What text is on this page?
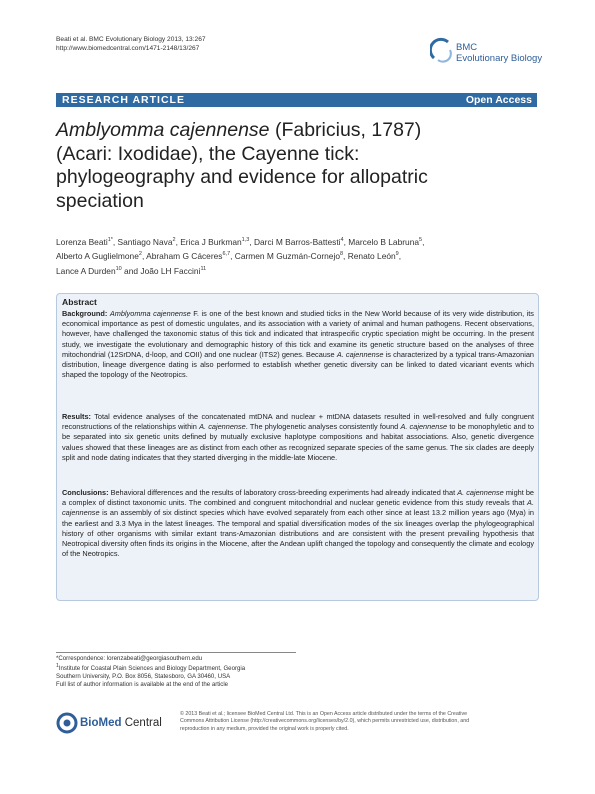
Beati et al. BMC Evolutionary Biology 2013, 13:267
http://www.biomedcentral.com/1471-2148/13/267	BMC
Evolutionary Biology
RESEARCH ARTICLE	Open Access
Amblyomma cajennense (Fabricius, 1787)
(Acari: Ixodidae), the Cayenne tick:
phylogeography and evidence for allopatric
speciation
Lorenza Beati$^{1*}$, Santiago Nava$^2$, Erica J Burkman$^{1,3}$, Darci M Barros-Battesti$^4$, Marcelo B Labruna$^5$,
Alberto A Guglielmone$^2$, Abraham G Cáceres$^{6,7}$, Carmen M Guzmán-Cornejo$^8$, Renato León$^9$,
Lance A Durden$^{10}$ and João LH Faccini$^{11}$
Abstract

Background: Amblyomma cajennense F. is one of the best known and studied ticks in the New World because of its very wide distribution, its economical importance as pest of domestic ungulates, and its association with a variety of animal and human pathogens. Recent observations, however, have challenged the taxonomic status of this tick and indicated that intraspecific cryptic speciation might be occurring. In the present study, we investigate the evolutionary and demographic history of this tick and examine its genetic structure based on the analyses of three mitochondrial (12SrDNA, d-loop, and COII) and one nuclear (ITS2) genes. Because A. cajennense is characterized by a typical trans-Amazonian distribution, lineage divergence dating is also performed to establish whether genetic diversity can be linked to dated vicariant events which shaped the topology of the Neotropics.

Results: Total evidence analyses of the concatenated mtDNA and nuclear + mtDNA datasets resulted in well-resolved and fully congruent reconstructions of the relationships within A. cajennense. The phylogenetic analyses consistently found A. cajennense to be monophyletic and to be separated into six genetic units defined by mutually exclusive haplotype compositions and habitat associations. Also, genetic divergence values showed that these lineages are as distinct from each other as recognized separate species of the same genus. The six clades are deeply split and node dating indicates that they started diverging in the middle-late Miocene.

Conclusions: Behavioral differences and the results of laboratory cross-breeding experiments had already indicated that A. cajennense might be a complex of distinct taxonomic units. The combined and congruent mitochondrial and nuclear genetic evidence from this study reveals that A. cajennense is an assembly of six distinct species which have evolved separately from each other since at least 13.2 million years ago (Mya) in the earliest and 3.3 Mya in the latest lineages. The temporal and spatial diversification modes of the six lineages overlap the phylogeographical history of other organisms with similar extant trans-Amazonian distributions and are consistent with the present prevailing hypothesis that Neotropical diversity often finds its origins in the Miocene, after the Andean uplift changed the topology and consequently the climate and ecology of the Neotropics.

*Correspondence: lorenzabeati@georgiasouthern.edu
$^1$Institute for Coastal Plain Sciences and Biology Department, Georgia
Southern University, P.O. Box 8056, Statesboro, GA 30460, USA
Full list of author information is available at the end of the article
BioMed Central
© 2013 Beati et al.; licensee BioMed Central Ltd. This is an Open Access article distributed under the terms of the Creative
Commons Attribution License (http://creativecommons.org/licenses/by/2.0), which permits unrestricted use, distribution, and
reproduction in any medium, provided the original work is properly cited.
